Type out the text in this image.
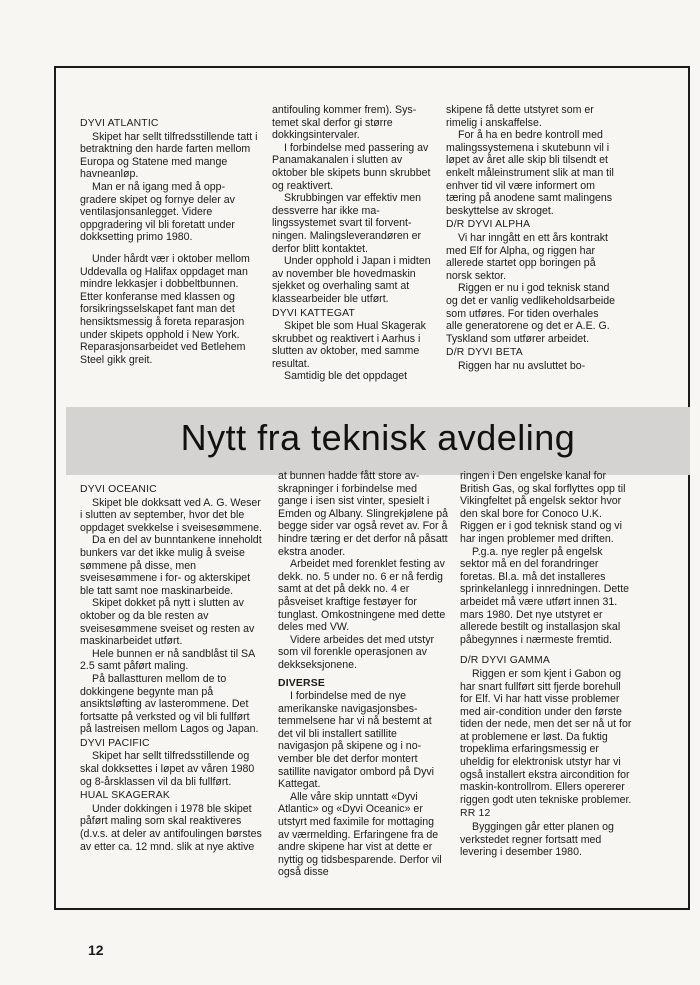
DYVI ATLANTIC

Skipet har sellt tilfredsstillende tatt i betraktning den harde farten mellom Europa og Statene med mange havneanløp.

Man er nå igang med å oppgradere skipet og fornye deler av ventilasjonsanlegget. Videre oppgradering vil bli foretatt under dokksetting primo 1980.

Under hårdt vær i oktober mellom Uddevalla og Halifax oppdaget man mindre lekkasjer i dobbeltbunnen. Etter konferanse med klassen og forsikringsselskapet fant man det hensiktsmessig å foreta reparasjon under skipets opphold i New York. Reparasjonsarbeidet ved Betlehem Steel gikk greit.

antifouling kommer frem). Systemet skal derfor gi større dokkingsintervaler.

I forbindelse med passering av Panamakanalen i slutten av oktober ble skipets bunn skrubbet og reaktivert.

Skrubbingen var effektiv men dessverre har ikke malingssystemet svart til forventningen. Malingsleverandøren er derfor blitt kontaktet.

Under opphold i Japan i midten av november ble hovedmaskin sjekket og overhaling samt at klassearbeider ble utført.

DYVI KATTEGAT

Skipet ble som Hual Skagerak skrubbet og reaktivert i Aarhus i slutten av oktober, med samme resultat.

Samtidig ble det oppdaget

skipene få dette utstyret som er rimelig i anskaffelse.

For å ha en bedre kontroll med malingssystemena i skutebunn vil i løpet av året alle skip bli tilsendt et enkelt måleinstrument slik at man til enhver tid vil være informert om tæring på anodene samt malingens beskyttelse av skroget.

D/R DYVI ALPHA

Vi har inngått en ett års kontrakt med Elf for Alpha, og riggen har allerede startet opp boringen på norsk sektor.

Riggen er nu i god teknisk stand og det er vanlig vedlikeholdsarbeide som utføres. For tiden overhales alle generatorene og det er A.E. G. Tyskland som utfører arbeidet.

D/R DYVI BETA

Riggen har nu avsluttet bo-

Nytt fra teknisk avdeling
DYVI OCEANIC

Skipet ble dokksatt ved A. G. Weser i slutten av september, hvor det ble oppdaget svekkelse i sveisesømmene.

Da en del av bunntankene inneholdt bunkers var det ikke mulig å sveise sømmene på disse, men sveisesømmene i for- og akterskipet ble tatt samt noe maskinarbeide.

Skipet dokket på nytt i slutten av oktober og da ble resten av sveisesømmene sveiset og resten av maskinarbeidet utført.

Hele bunnen er nå sandblåst til SA 2.5 samt påført maling.

På ballastturen mellom de to dokkingene begynte man på ansiktsløfting av lasterommene. Det fortsatte på verksted og vil bli fullført på lastreisen mellom Lagos og Japan.

DYVI PACIFIC

Skipet har sellt tilfredsstillende og skal dokksettes i løpet av våren 1980 og 8-årsklassen vil da bli fullført.

HUAL SKAGERAK

Under dokkingen i 1978 ble skipet påført maling som skal reaktiveres (d.v.s. at deler av antifoulingen børstes av etter ca. 12 mnd. slik at nye aktive

at bunnen hadde fått store avskrapninger i forbindelse med gange i isen sist vinter, spesielt i Emden og Albany. Slingrekjølene på begge sider var også revet av. For å hindre tæring er det derfor nå påsatt ekstra anoder.

Arbeidet med forenklet festing av dekk. no. 5 under no. 6 er nå ferdig samt at det på dekk no. 4 er påsveiset kraftige festøyer for tunglast. Omkostningene med dette deles med VW.

Videre arbeides det med utstyr som vil forenkle operasjonen av dekkseksjonene.

DIVERSE

I forbindelse med de nye amerikanske navigasjonsbestemmelsene har vi nå bestemt at det vil bli installert satillite navigasjon på skipene og i november ble det derfor montert satillite navigator ombord på Dyvi Kattegat.

Alle våre skip unntatt «Dyvi Atlantic» og «Dyvi Oceanic» er utstyrt med faximile for mottaging av værmelding. Erfaringene fra de andre skipene har vist at dette er nyttig og tidsbesparende. Derfor vil også disse

ringen i Den engelske kanal for British Gas, og skal forflyttes opp til Vikingfeltet på engelsk sektor hvor den skal bore for Conoco U.K. Riggen er i god teknisk stand og vi har ingen problemer med driften.

P.g.a. nye regler på engelsk sektor må en del forandringer foretas. Bl.a. må det installeres sprinkelanlegg i innredningen. Dette arbeidet må være utført innen 31. mars 1980. Det nye utstyret er allerede bestilt og installasjon skal påbegynnes i nærmeste fremtid.

D/R DYVI GAMMA

Riggen er som kjent i Gabon og har snart fullført sitt fjerde borehull for Elf. Vi har hatt visse problemer med air-condition under den første tiden der nede, men det ser nå ut for at problemene er løst. Da fuktig tropeklima erfaringsmessig er uheldig for elektronisk utstyr har vi også installert ekstra aircondition for maskin-kontrollrom. Ellers opererer riggen godt uten tekniske problemer.

RR 12

Byggingen går etter planen og verkstedet regner fortsatt med levering i desember 1980.

12
